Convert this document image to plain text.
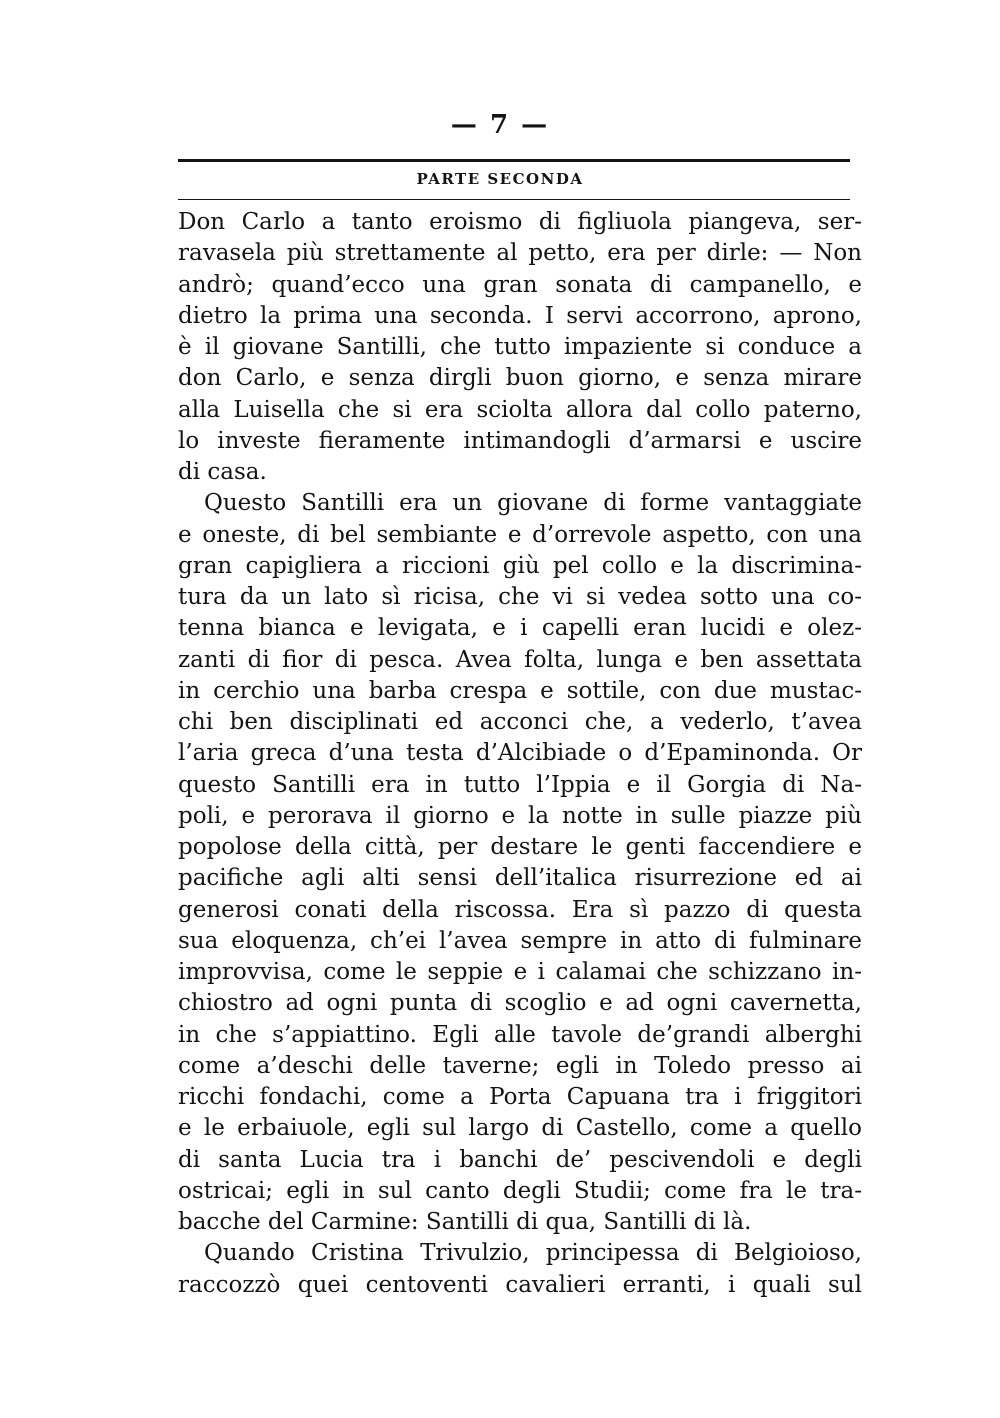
— 7 —
PARTE SECONDA
Don Carlo a tanto eroismo di figliuola piangeva, ser-
ravasela più strettamente al petto, era per dirle: — Non
andrò; quand’ecco una gran sonata di campanello, e
dietro la prima una seconda. I servi accorrono, aprono,
è il giovane Santilli, che tutto impaziente si conduce a
don Carlo, e senza dirgli buon giorno, e senza mirare
alla Luisella che si era sciolta allora dal collo paterno,
lo investe fieramente intimandogli d’armarsi e uscire
di casa.
Questo Santilli era un giovane di forme vantaggiate
e oneste, di bel sembiante e d’orrevole aspetto, con una
gran capigliera a riccioni giù pel collo e la discrimina-
tura da un lato sì ricisa, che vi si vedea sotto una co-
tenna bianca e levigata, e i capelli eran lucidi e olez-
zanti di fior di pesca. Avea folta, lunga e ben assettata
in cerchio una barba crespa e sottile, con due mustac-
chi ben disciplinati ed acconci che, a vederlo, t’avea
l’aria greca d’una testa d’Alcibiade o d’Epaminonda. Or
questo Santilli era in tutto l’Ippia e il Gorgia di Na-
poli, e perorava il giorno e la notte in sulle piazze più
popolose della città, per destare le genti faccendiere e
pacifiche agli alti sensi dell’italica risurrezione ed ai
generosi conati della riscossa. Era sì pazzo di questa
sua eloquenza, ch’ei l’avea sempre in atto di fulminare
improvvisa, come le seppie e i calamai che schizzano in-
chiostro ad ogni punta di scoglio e ad ogni cavernetta,
in che s’appiattino. Egli alle tavole de’grandi alberghi
come a’deschi delle taverne; egli in Toledo presso ai
ricchi fondachi, come a Porta Capuana tra i friggitori
e le erbaiuole, egli sul largo di Castello, come a quello
di santa Lucia tra i banchi de’ pescivendoli e degli
ostricai; egli in sul canto degli Studii; come fra le tra-
bacche del Carmine: Santilli di qua, Santilli di là.
Quando Cristina Trivulzio, principessa di Belgioioso,
raccozzò quei centoventi cavalieri erranti, i quali sul
